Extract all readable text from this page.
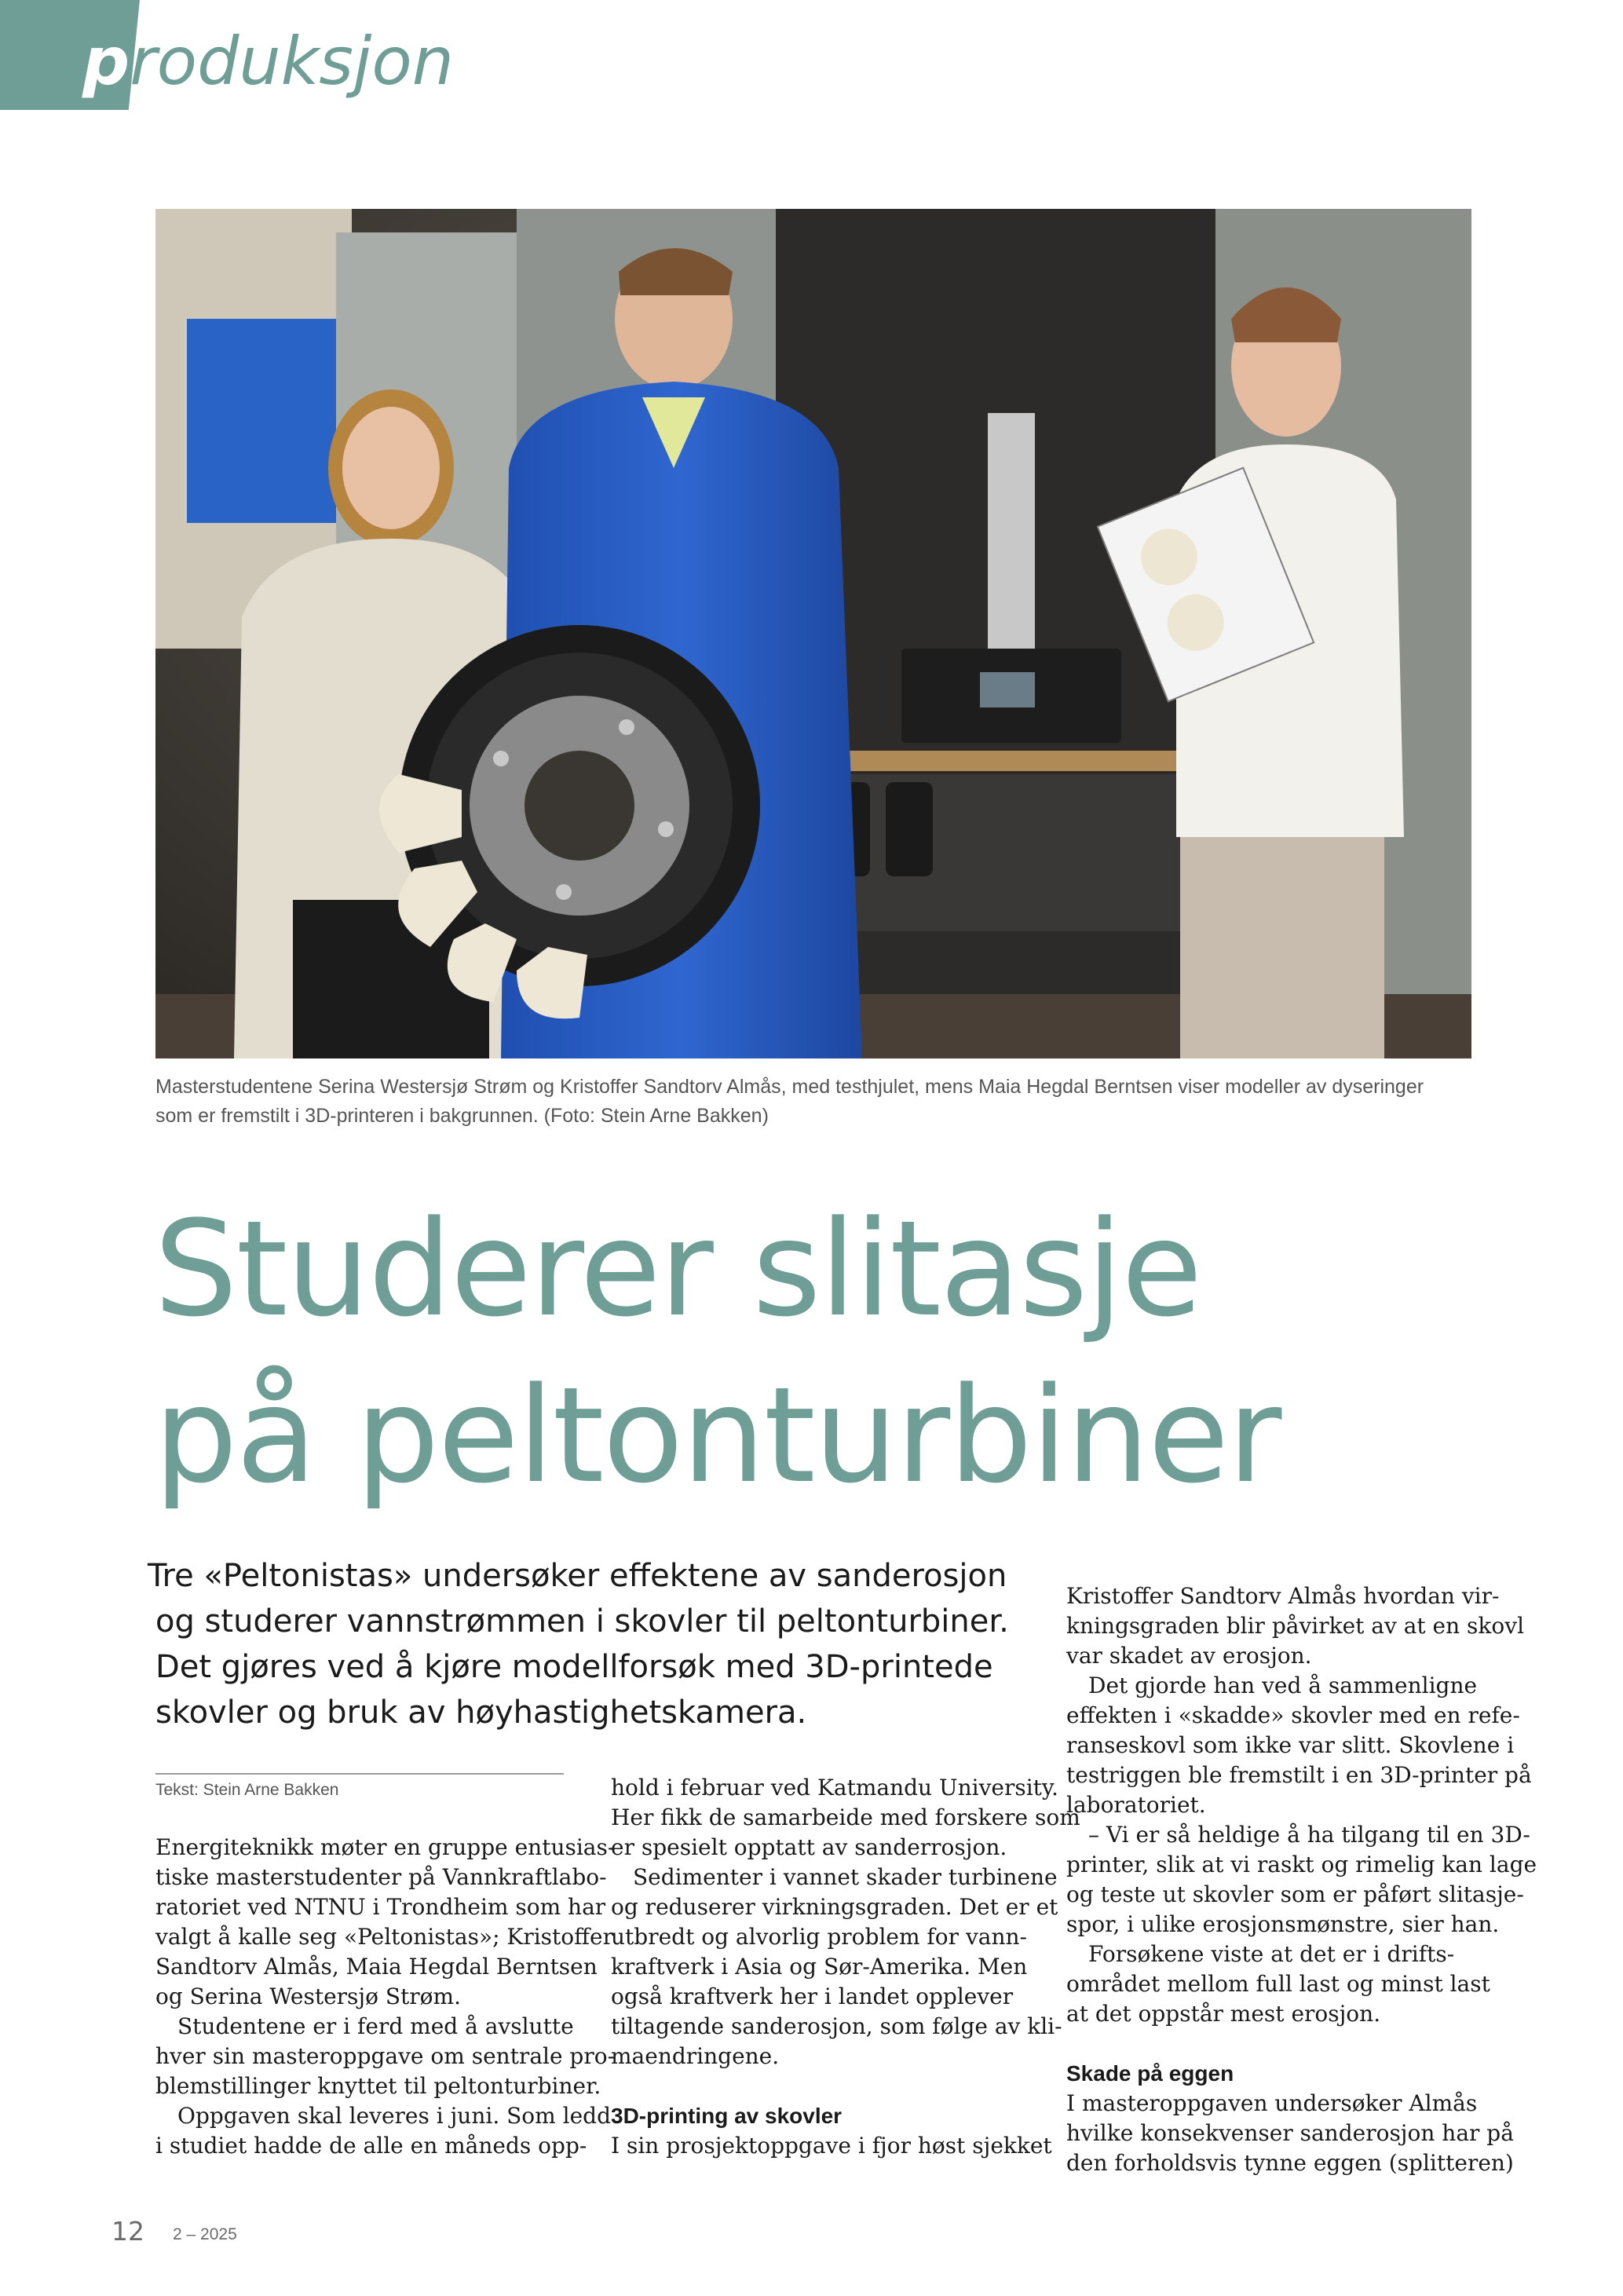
produksjon

Masterstudentene Serina Westersjø Strøm og Kristoffer Sandtorv Almås, med testhjulet, mens Maia Hegdal Berntsen viser modeller av dyseringer
som er fremstilt i 3D-printeren i bakgrunnen. (Foto: Stein Arne Bakken)

Studerer slitasje
på peltonturbiner

Tre «Peltonistas» undersøker effektene av sanderosjon
og studerer vannstrømmen i skovler til peltonturbiner.
Det gjøres ved å kjøre modellforsøk med 3D-printede
skovler og bruk av høyhastighetskamera.

Tekst: Stein Arne Bakken

Energiteknikk møter en gruppe entusias-
tiske masterstudenter på Vannkraftlabo-
ratoriet ved NTNU i Trondheim som har
valgt å kalle seg «Peltonistas»; Kristoffer
Sandtorv Almås, Maia Hegdal Berntsen
og Serina Westersjø Strøm.

Studentene er i ferd med å avslutte
hver sin masteroppgave om sentrale pro-
blemstillinger knyttet til peltonturbiner.

Oppgaven skal leveres i juni. Som ledd
i studiet hadde de alle en måneds opp-

hold i februar ved Katmandu University.
Her fikk de samarbeide med forskere som
er spesielt opptatt av sanderrosjon.

Sedimenter i vannet skader turbinene
og reduserer virkningsgraden. Det er et
utbredt og alvorlig problem for vann-
kraftverk i Asia og Sør-Amerika. Men
også kraftverk her i landet opplever
tiltagende sanderosjon, som følge av kli-
maendringene.

3D-printing av skovler

I sin prosjektoppgave i fjor høst sjekket

Kristoffer Sandtorv Almås hvordan vir-
kningsgraden blir påvirket av at en skovl
var skadet av erosjon.

Det gjorde han ved å sammenligne
effekten i «skadde» skovler med en refe-
ranseskovl som ikke var slitt. Skovlene i
testriggen ble fremstilt i en 3D-printer på
laboratoriet.

– Vi er så heldige å ha tilgang til en 3D-
printer, slik at vi raskt og rimelig kan lage
og teste ut skovler som er påført slitasje-
spor, i ulike erosjonsmønstre, sier han.

Forsøkene viste at det er i drifts-
området mellom full last og minst last
at det oppstår mest erosjon.

Skade på eggen

I masteroppgaven undersøker Almås
hvilke konsekvenser sanderosjon har på
den forholdsvis tynne eggen (splitteren)

12 2 – 2025
